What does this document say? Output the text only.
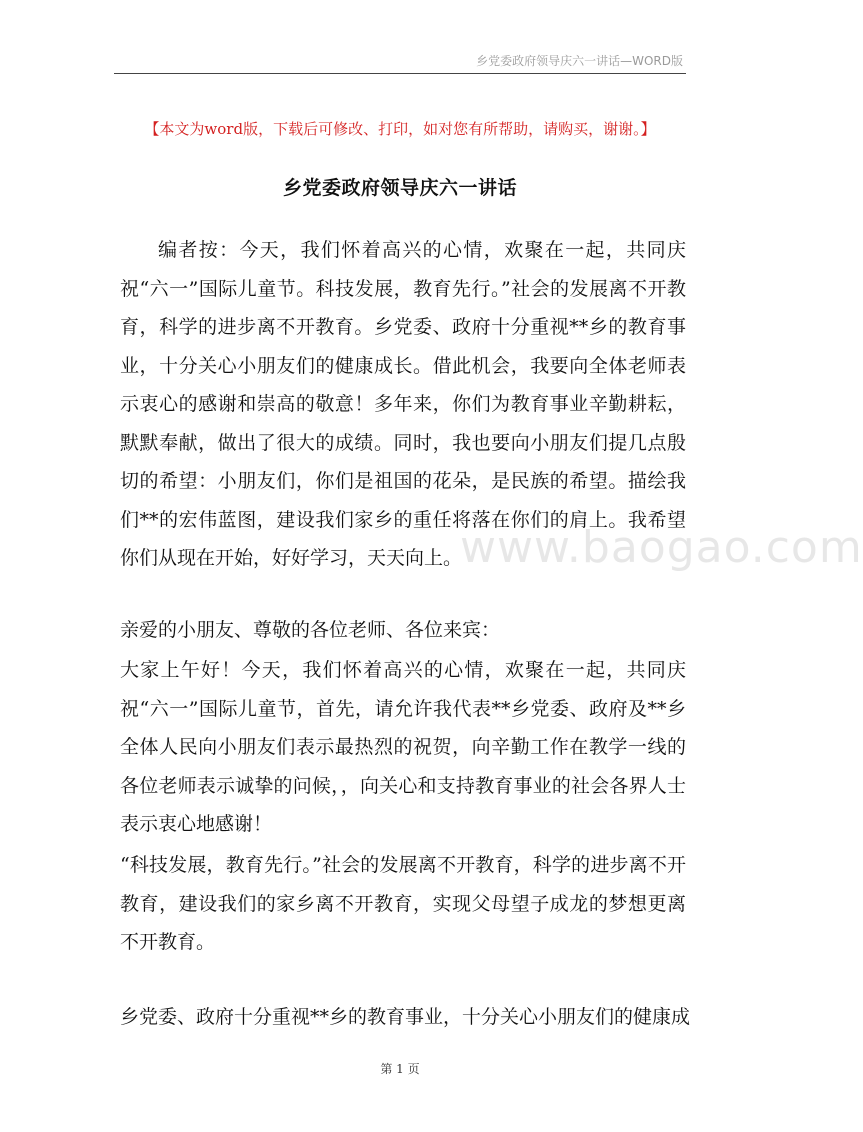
乡党委政府领导庆六一讲话—WORD版
【本文为word版，下载后可修改、打印，如对您有所帮助，请购买，谢谢。】
乡党委政府领导庆六一讲话
编者按：今天，我们怀着高兴的心情，欢聚在一起，共同庆祝“六一”国际儿童节。科技发展，教育先行。”社会的发展离不开教育，科学的进步离不开教育。乡党委、政府十分重视**乡的教育事业，十分关心小朋友们的健康成长。借此机会，我要向全体老师表示衷心的感谢和崇高的敬意！多年来，你们为教育事业辛勤耕耘，默默奉献，做出了很大的成绩。同时，我也要向小朋友们提几点殷切的希望：小朋友们，你们是祖国的花朵，是民族的希望。描绘我们**的宏伟蓝图，建设我们家乡的重任将落在你们的肩上。我希望你们从现在开始，好好学习，天天向上。
亲爱的小朋友、尊敬的各位老师、各位来宾：
大家上午好！今天，我们怀着高兴的心情，欢聚在一起，共同庆祝“六一”国际儿童节，首先，请允许我代表**乡党委、政府及**乡全体人民向小朋友们表示最热烈的祝贺，向辛勤工作在教学一线的各位老师表示诚挚的问候，，向关心和支持教育事业的社会各界人士表示衷心地感谢！
“科技发展，教育先行。”社会的发展离不开教育，科学的进步离不开教育，建设我们的家乡离不开教育，实现父母望子成龙的梦想更离不开教育。
乡党委、政府十分重视**乡的教育事业，十分关心小朋友们的健康成
www.baogao.com
第 1 页
